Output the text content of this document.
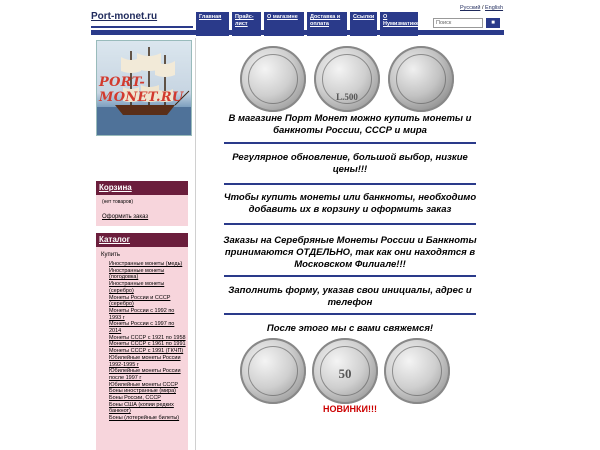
Port-monet.ru
Русский / English
Главная	Прайс-лист
О магазине	Доставка и оплата
Ссылки	О Нумизматике	Поиск	■
PORT-MONET.RU
Корзина
(нет товаров)
Оформить заказ
Каталог
Купить
Иностранные монеты (медь)
Иностранные монеты (погодовка)
Иностранные монеты (серебро)
Монеты России и СССР (серебро)
Монеты России с 1992 по 1993 г
Монеты России с 1997 по 2014
Монеты СССР с 1921 по 1958
Монеты СССР с 1961 по 1991
Монеты СССР с 1991 (ГКЧП)
Юбилейные монеты России 1992-1995 г
Юбилейные монеты России после 1997 г
Юбилейные монеты СССР
Боны иностранные (мира)
Боны России, СССР
Боны США (копии редких банкнот)
Боны (лотерейные билеты)
L.500
В магазине Порт Монет можно купить монеты и банкноты России, СССР и мира
Регулярное обновление, большой выбор, низкие цены!!!
Чтобы купить монеты или банкноты, необходимо добавить их в корзину и оформить заказ
Заказы на Серебряные Монеты России и Банкноты принимаются ОТДЕЛЬНО, так как они находятся в Московском Филиале!!!
Заполнить форму, указав свои инициалы, адрес и телефон
После этого мы с вами свяжемся!
50
НОВИНКИ!!!
